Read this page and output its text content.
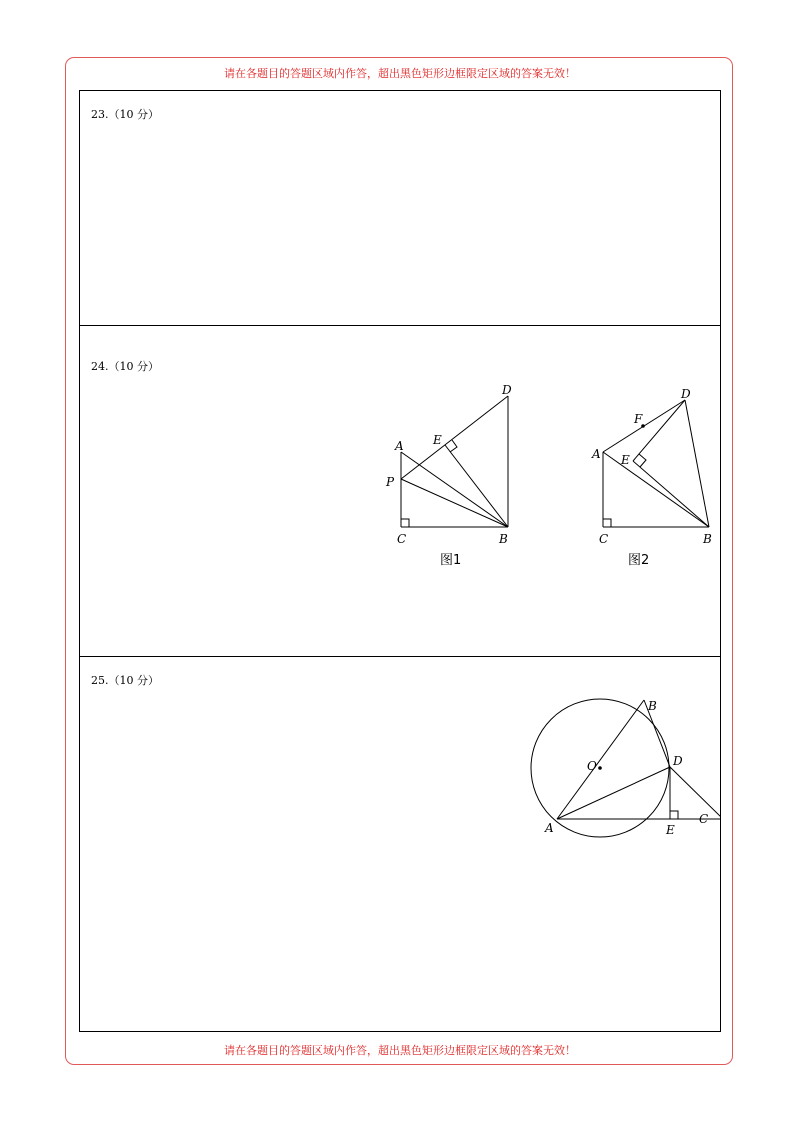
请在各题目的答题区域内作答，超出黑色矩形边框限定区域的答案无效！
23.（10 分）
24.（10 分）
A
P
C	B
E
D
图1
A
F
E
C	B
D
图2
25.（10 分）
O
A
B
C
D
E
请在各题目的答题区域内作答，超出黑色矩形边框限定区域的答案无效！
